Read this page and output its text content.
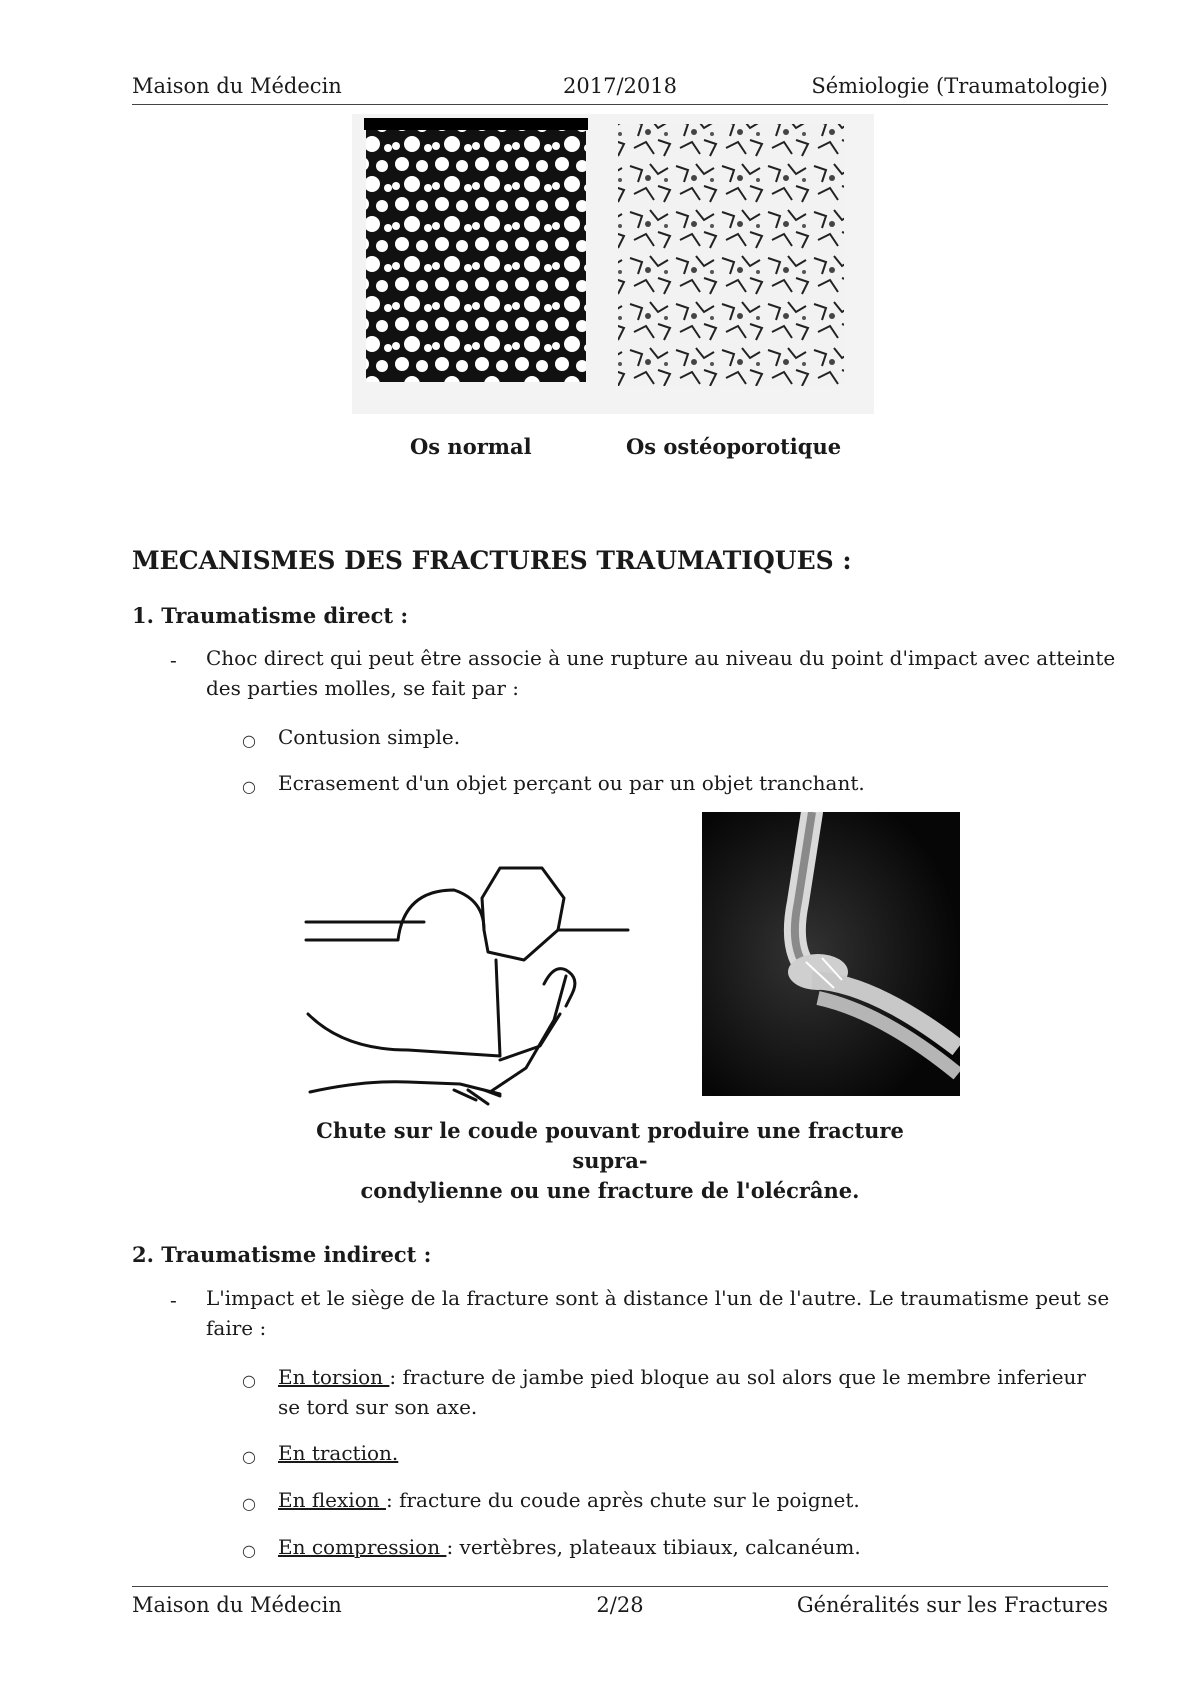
Maison du Médecin	2017/2018	Sémiologie (Traumatologie)
Os normal	Os ostéoporotique
MECANISMES DES FRACTURES TRAUMATIQUES :
1. Traumatisme direct :
- Choc direct qui peut être associe à une rupture au niveau du point d'impact avec atteinte
des parties molles, se fait par :
○ Contusion simple.
○ Ecrasement d'un objet perçant ou par un objet tranchant.
Chute sur le coude pouvant produire une fracture supra-
condylienne ou une fracture de l'olécrâne.
2. Traumatisme indirect :
- L'impact et le siège de la fracture sont à distance l'un de l'autre. Le traumatisme peut se
faire :
○ En torsion : fracture de jambe pied bloque au sol alors que le membre inferieur
se tord sur son axe.
○ En traction.
○ En flexion : fracture du coude après chute sur le poignet.
○ En compression : vertèbres, plateaux tibiaux, calcanéum.
Maison du Médecin	2/28	Généralités sur les Fractures
